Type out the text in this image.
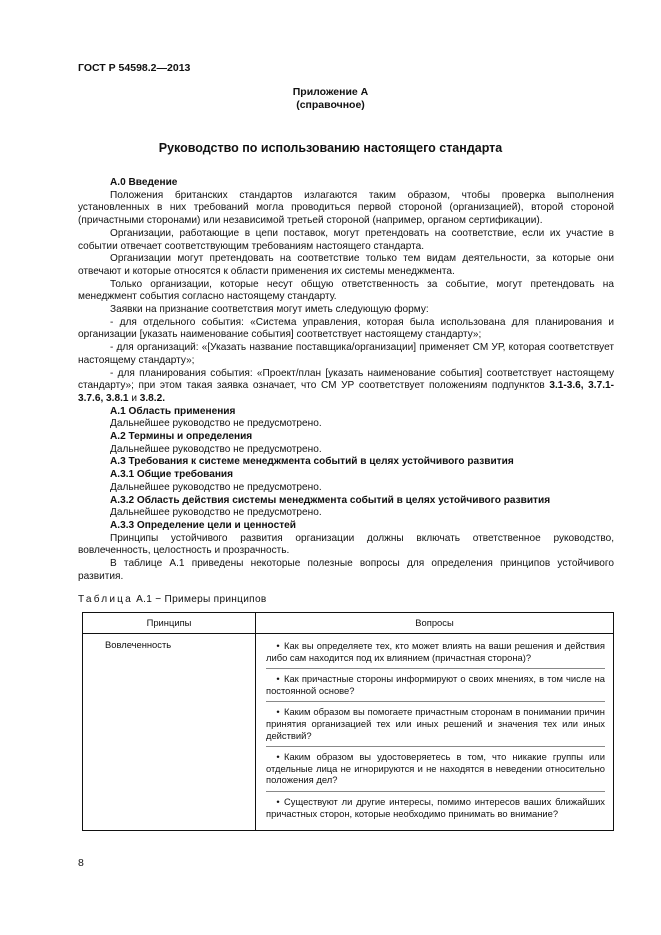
ГОСТ Р 54598.2—2013
Приложение А
(справочное)
Руководство по использованию настоящего стандарта
А.0 Введение

Положения британских стандартов излагаются таким образом, чтобы проверка выполнения установленных в них требований могла проводиться первой стороной (организацией), второй стороной (причастными сторонами) или независимой третьей стороной (например, органом сертификации).

Организации, работающие в цепи поставок, могут претендовать на соответствие, если их участие в событии отвечает соответствующим требованиям настоящего стандарта.

Организации могут претендовать на соответствие только тем видам деятельности, за которые они отвечают и которые относятся к области применения их системы менеджмента.

Только организации, которые несут общую ответственность за событие, могут претендовать на менеджмент события согласно настоящему стандарту.

Заявки на признание соответствия могут иметь следующую форму:

- для отдельного события: «Система управления, которая была использована для планирования и организации [указать наименование события] соответствует настоящему стандарту»;

- для организаций: «[Указать название поставщика/организации] применяет СМ УР, которая соответствует настоящему стандарту»;

- для планирования события: «Проект/план [указать наименование события] соответствует настоящему стандарту»; при этом такая заявка означает, что СМ УР соответствует положениям подпунктов 3.1-3.6, 3.7.1-3.7.6, 3.8.1 и 3.8.2.

А.1 Область применения

Дальнейшее руководство не предусмотрено.

А.2 Термины и определения

Дальнейшее руководство не предусмотрено.

А.3 Требования к системе менеджмента событий в целях устойчивого развития
А.3.1 Общие требования

Дальнейшее руководство не предусмотрено.

А.3.2 Область действия системы менеджмента событий в целях устойчивого развития

Дальнейшее руководство не предусмотрено.

А.3.3 Определение цели и ценностей

Принципы устойчивого развития организации должны включать ответственное руководство, вовлеченность, целостность и прозрачность.

В таблице А.1 приведены некоторые полезные вопросы для определения принципов устойчивого развития.

Таблица А.1 − Примеры принципов
Принципы	Вопросы
Вовлеченность	• Как вы определяете тех, кто может влиять на ваши решения и действия либо сам находится под их влиянием (причастная сторона)?
• Как причастные стороны информируют о своих мнениях, в том числе на постоянной основе?
• Каким образом вы помогаете причастным сторонам в понимании причин принятия организацией тех или иных решений и значения тех или иных действий?
• Каким образом вы удостоверяетесь в том, что никакие группы или отдельные лица не игнорируются и не находятся в неведении относительно положения дел?
• Существуют ли другие интересы, помимо интересов ваших ближайших причастных сторон, которые необходимо принимать во внимание?
8
